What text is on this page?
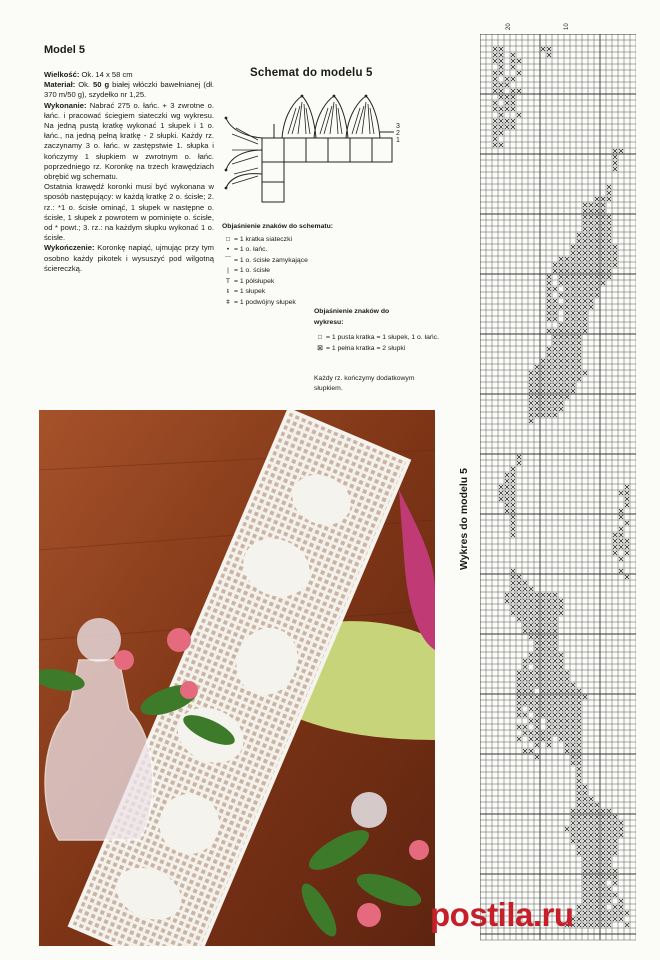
Model 5

Wielkość: Ok. 14 x 58 cm

Materiał: Ok. 50 g białej włóczki bawełnianej (dł. 370 m/50 g), szydełko nr 1,25.

Wykonanie: Nabrać 275 o. łańc. + 3 zwrotne o. łańc. i pracować ściegiem siateczki wg wykresu. Na jedną pustą kratkę wykonać 1 słupek i 1 o. łańc., na jedną pełną kratkę - 2 słupki. Każdy rz. zaczynamy 3 o. łańc. w zastępstwie 1. słupka i kończymy 1 słupkiem w zwrotnym o. łańc. poprzedniego rz. Koronkę na trzech krawędziach obrębić wg schematu.

Ostatnia krawędź koronki musi być wykonana w sposób następujący: w każdą kratkę 2 o. ścisłe; 2. rz.: *1 o. ścisłe ominąć, 1 słupek w następne o. ścisłe, 1 słupek z powrotem w pominięte o. ścisłe, od * powt.; 3. rz.: na każdym słupku wykonać 1 o. ścisłe.

Wykończenie: Koronkę napiąć, ujmując przy tym osobno każdy pikotek i wysuszyć pod wilgotną ściereczką.

Schemat do modelu 5
3
2
1
Objaśnienie znaków do schematu:
□ = 1 kratka siateczki
• = 1 o. łańc.
⌒ = 1 o. ścisłe zamykające
| = 1 o. ścisłe
T = 1 półsłupek
ŧ = 1 słupek
ǂ = 1 podwójny słupek
Objaśnienie znaków do wykresu:
□ = 1 pusta kratka = 1 słupek, 1 o. łańc.
⊠ = 1 pełna kratka = 2 słupki
Każdy rz. kończymy dodatkowym słupkiem.
Wykres do modelu 5
20	10
postila.ru
